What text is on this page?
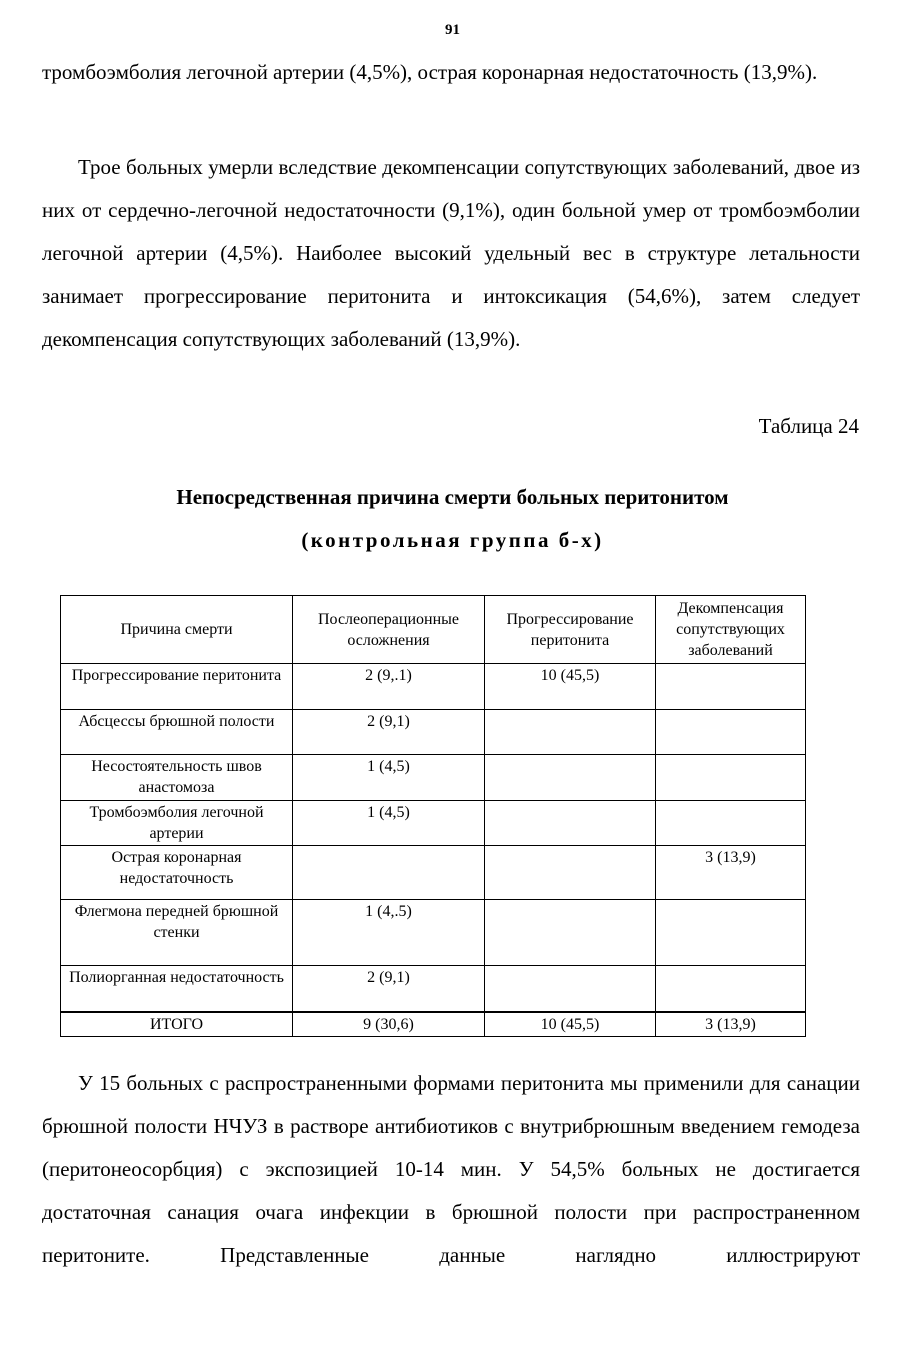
91

тромбоэмболия легочной артерии (4,5%), острая коронарная недостаточность (13,9%).

Трое больных умерли вследствие декомпенсации сопутствующих заболеваний, двое из них от сердечно-легочной недостаточности (9,1%), один больной умер от тромбоэмболии легочной артерии (4,5%). Наиболее высокий удельный вес в структуре летальности занимает прогрессирование перитонита и интоксикация (54,6%), затем следует декомпенсация сопутствующих заболеваний (13,9%).

Таблица 24
Непосредственная причина смерти больных перитонитом
(контрольная группа б-х)
Причина смерти	Послеоперационные осложнения	Прогрессирование перитонита	Декомпенсация сопутствующих заболеваний
Прогрессирование перитонита	2 (9,.1)	10 (45,5)	
Абсцессы брюшной полости	2 (9,1)		
Несостоятельность швов анастомоза	1 (4,5)		
Тромбоэмболия легочной артерии	1 (4,5)		
Острая коронарная недостаточность			3 (13,9)
Флегмона передней брюшной стенки	1 (4,.5)		
Полиорганная недостаточность	2 (9,1)		
ИТОГО	9 (30,6)	10 (45,5)	3 (13,9)

У 15 больных с распространенными формами перитонита мы применили для санации брюшной полости НЧУЗ в растворе антибиотиков с внутрибрюшным введением гемодеза (перитонеосорбция) с экспозицией 10-14 мин. У 54,5% больных не достигается достаточная санация очага инфекции в брюшной полости при распространенном перитоните. Представленные данные наглядно иллюстрируют
